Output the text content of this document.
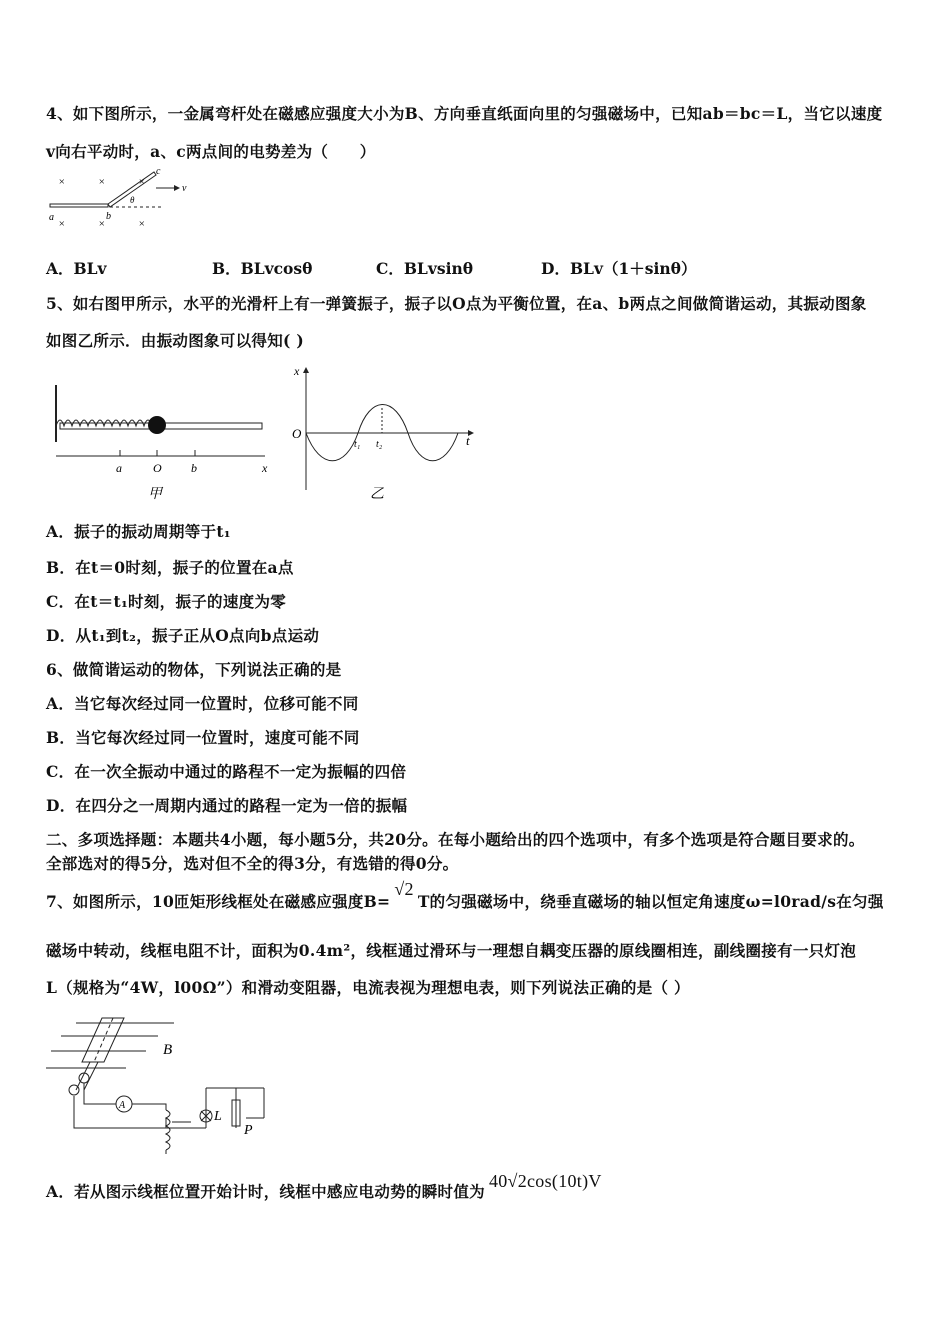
4、如下图所示，一金属弯杆处在磁感应强度大小为B、方向垂直纸面向里的匀强磁场中，已知ab＝bc＝L，当它以速度
v向右平动时，a、c两点间的电势差为（　　）
×	×	×
×	×	×
a	b
c
v
θ
A．BLv	B．BLvcosθ	C．BLvsinθ	D．BLv（1＋sinθ）
5、如右图甲所示，水平的光滑杆上有一弹簧振子，振子以O点为平衡位置，在a、b两点之间做简谐运动，其振动图象
如图乙所示．由振动图象可以得知( )
a	O b	x
甲
x
O	t
t₁ t₂
乙
A．振子的振动周期等于t₁
B．在t＝0时刻，振子的位置在a点
C．在t＝t₁时刻，振子的速度为零
D．从t₁到t₂，振子正从O点向b点运动
6、做简谐运动的物体，下列说法正确的是
A．当它每次经过同一位置时，位移可能不同
B．当它每次经过同一位置时，速度可能不同
C．在一次全振动中通过的路程不一定为振幅的四倍
D．在四分之一周期内通过的路程一定为一倍的振幅
二、多项选择题：本题共4小题，每小题5分，共20分。在每小题给出的四个选项中，有多个选项是符合题目要求的。
全部选对的得5分，选对但不全的得3分，有选错的得0分。
7、如图所示，10匝矩形线框处在磁感应强度B=√2T的匀强磁场中，绕垂直磁场的轴以恒定角速度ω=l0rad/s在匀强
磁场中转动，线框电阻不计，面积为0.4m²，线框通过滑环与一理想自耦变压器的原线圈相连，副线圈接有一只灯泡
L（规格为“4W，l00Ω”）和滑动变阻器，电流表视为理想电表，则下列说法正确的是（ ）
B
A
L
P
A．若从图示线框位置开始计时，线框中感应电动势的瞬时值为40√2cos(10t)V
